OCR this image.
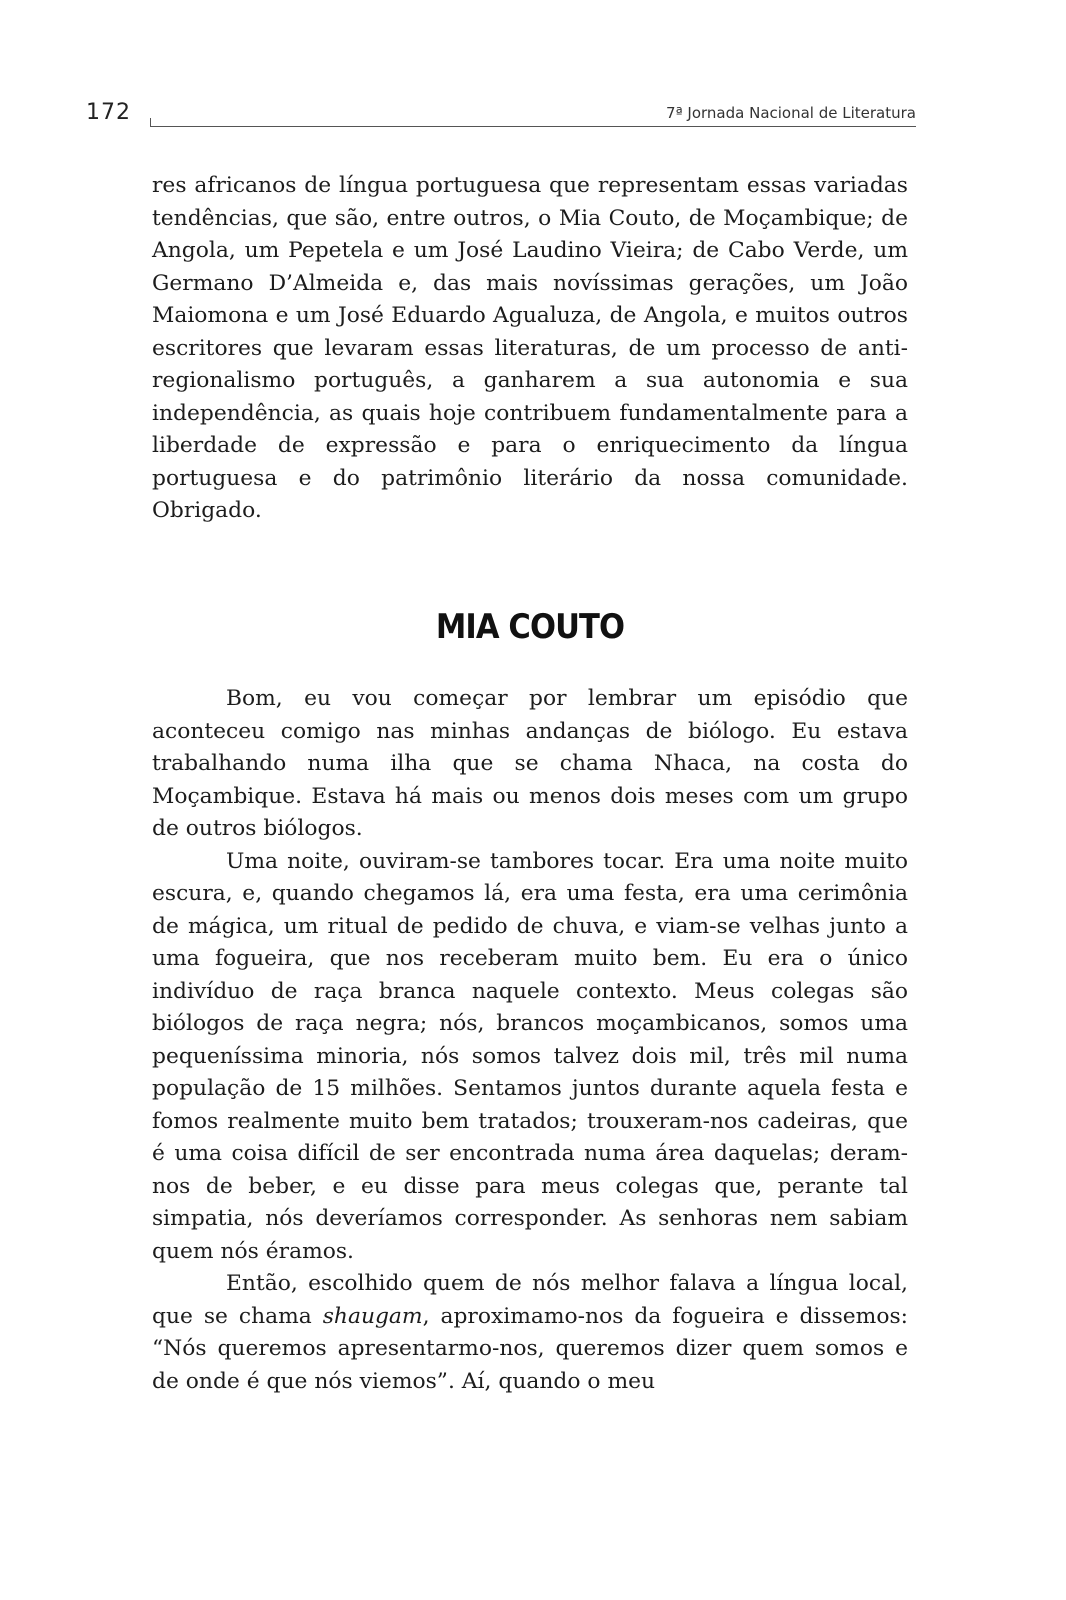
172	7ª Jornada Nacional de Literatura

res africanos de língua portuguesa que representam essas variadas tendências, que são, entre outros, o Mia Couto, de Moçambique; de Angola, um Pepetela e um José Laudino Vieira; de Cabo Verde, um Germano D’Almeida e, das mais novíssimas gerações, um João Maiomona e um José Eduardo Agualuza, de Angola, e muitos outros escritores que levaram essas literaturas, de um processo de anti-regionalismo português, a ganharem a sua autonomia e sua independência, as quais hoje contribuem fundamentalmente para a liberdade de expressão e para o enriquecimento da língua portuguesa e do patrimônio literário da nossa comunidade. Obrigado.

MIA COUTO

Bom, eu vou começar por lembrar um episódio que aconteceu comigo nas minhas andanças de biólogo. Eu estava trabalhando numa ilha que se chama Nhaca, na costa do Moçambique. Estava há mais ou menos dois meses com um grupo de outros biólogos.

Uma noite, ouviram-se tambores tocar. Era uma noite muito escura, e, quando chegamos lá, era uma festa, era uma cerimônia de mágica, um ritual de pedido de chuva, e viam-se velhas junto a uma fogueira, que nos receberam muito bem. Eu era o único indivíduo de raça branca naquele contexto. Meus colegas são biólogos de raça negra; nós, brancos moçambicanos, somos uma pequeníssima minoria, nós somos talvez dois mil, três mil numa população de 15 milhões. Sentamos juntos durante aquela festa e fomos realmente muito bem tratados; trouxeram-nos cadeiras, que é uma coisa difícil de ser encontrada numa área daquelas; deram-nos de beber, e eu disse para meus colegas que, perante tal simpatia, nós deveríamos corresponder. As senhoras nem sabiam quem nós éramos.

Então, escolhido quem de nós melhor falava a língua local, que se chama shaugam, aproximamo-nos da fogueira e dissemos: “Nós queremos apresentarmo-nos, queremos dizer quem somos e de onde é que nós viemos”. Aí, quando o meu
